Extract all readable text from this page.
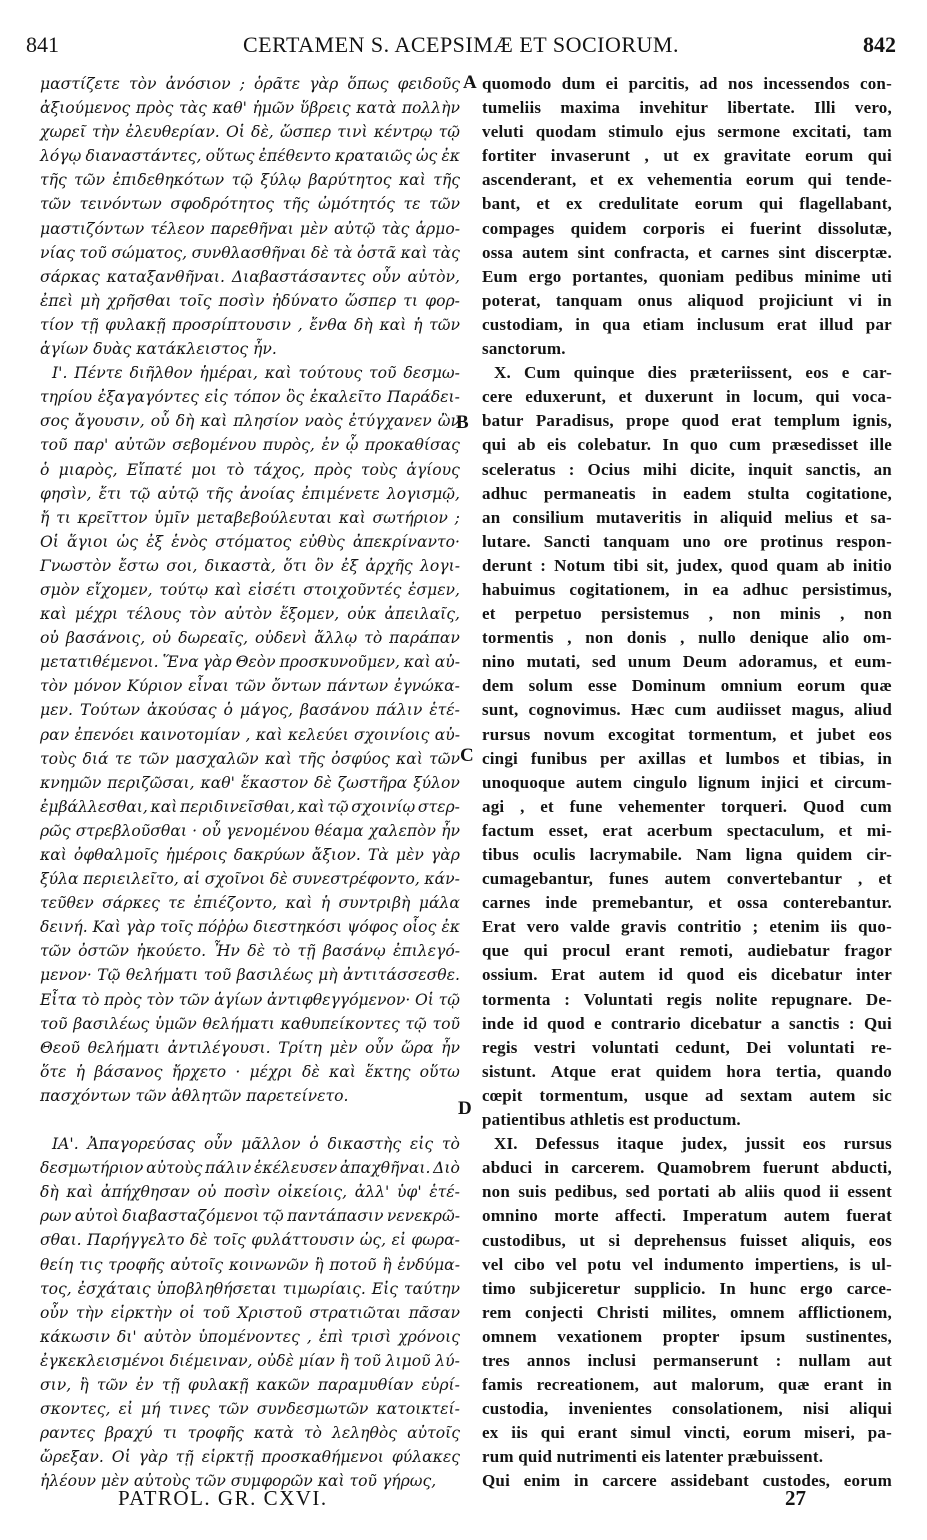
CERTAMEN S. ACEPSIMÆ ET SOCIORUM.
841	842
μαστίζετε τὸν ἀνόσιον ; ὁρᾶτε γὰρ ὅπως φειδοῦς
ἀξιούμενος πρὸς τὰς καθ' ἡμῶν ὕβρεις κατὰ πολλὴν
χωρεῖ τὴν ἐλευθερίαν. Οἱ δὲ, ὥσπερ τινὶ κέντρῳ τῷ
λόγῳ διαναστάντες, οὕτως ἐπέθεντο κραταιῶς ὡς ἐκ
τῆς τῶν ἐπιδεθηκότων τῷ ξύλῳ βαρύτητος καὶ τῆς
τῶν τεινόντων σφοδρότητος τῆς ὠμότητός τε τῶν
μαστιζόντων τέλεον παρεθῆναι μὲν αὐτῷ τὰς ἁρμο-
νίας τοῦ σώματος, συνθλασθῆναι δὲ τὰ ὀστᾶ καὶ τὰς
σάρκας καταξανθῆναι. Διαβαστάσαντες οὖν αὐτὸν,
ἐπεὶ μὴ χρῆσθαι τοῖς ποσὶν ἠδύνατο ὥσπερ τι φορ-
τίον τῇ φυλακῇ προσρίπτουσιν , ἔνθα δὴ καὶ ἡ τῶν
ἁγίων δυὰς κατάκλειστος ἦν.
Ι'. Πέντε διῆλθον ἡμέραι, καὶ τούτους τοῦ δεσμω-
τηρίου ἐξαγαγόντες εἰς τόπον ὃς ἐκαλεῖτο Παράδει-
σος ἄγουσιν, οὗ δὴ καὶ πλησίον ναὸς ἐτύγχανεν ὢν
τοῦ παρ' αὐτῶν σεβομένου πυρὸς, ἐν ᾧ προκαθίσας
ὁ μιαρὸς, Εἴπατέ μοι τὸ τάχος, πρὸς τοὺς ἁγίους
φησὶν, ἔτι τῷ αὐτῷ τῆς ἀνοίας ἐπιμένετε λογισμῷ,
ἤ τι κρεῖττον ὑμῖν μεταβεβούλευται καὶ σωτήριον ;
Οἱ ἅγιοι ὡς ἐξ ἑνὸς στόματος εὐθὺς ἀπεκρίναντο·
Γνωστὸν ἔστω σοι, δικαστὰ, ὅτι ὃν ἐξ ἀρχῆς λογι-
σμὸν εἴχομεν, τούτῳ καὶ εἰσέτι στοιχοῦντές ἐσμεν,
καὶ μέχρι τέλους τὸν αὐτὸν ἕξομεν, οὐκ ἀπειλαῖς,
οὐ βασάνοις, οὐ δωρεαῖς, οὐδενὶ ἄλλῳ τὸ παράπαν
μετατιθέμενοι. Ἕνα γὰρ Θεὸν προσκυνοῦμεν, καὶ αὐ-
τὸν μόνον Κύριον εἶναι τῶν ὄντων πάντων ἐγνώκα-
μεν. Τούτων ἀκούσας ὁ μάγος, βασάνου πάλιν ἑτέ-
ραν ἐπενόει καινοτομίαν , καὶ κελεύει σχοινίοις αὐ-
τοὺς διά τε τῶν μασχαλῶν καὶ τῆς ὀσφύος καὶ τῶν
κνημῶν περιζῶσαι, καθ' ἕκαστον δὲ ζωστῆρα ξύλον
ἐμβάλλεσθαι, καὶ περιδινεῖσθαι, καὶ τῷ σχοινίῳ στερ-
ρῶς στρεβλοῦσθαι · οὗ γενομένου θέαμα χαλεπὸν ἦν
καὶ ὀφθαλμοῖς ἡμέροις δακρύων ἄξιον. Τὰ μὲν γὰρ
ξύλα περιειλεῖτο, αἱ σχοῖνοι δὲ συνεστρέφοντο, κάν-
τεῦθεν σάρκες τε ἐπιέζοντο, καὶ ἡ συντριβὴ μάλα
δεινή. Καὶ γὰρ τοῖς πόῤῥω διεστηκόσι ψόφος οἷος ἐκ
τῶν ὀστῶν ἠκούετο. Ἦν δὲ τὸ τῇ βασάνῳ ἐπιλεγό-
μενον· Τῷ θελήματι τοῦ βασιλέως μὴ ἀντιτάσσεσθε.
Εἶτα τὸ πρὸς τὸν τῶν ἁγίων ἀντιφθεγγόμενον· Οἱ τῷ
τοῦ βασιλέως ὑμῶν θελήματι καθυπείκοντες τῷ τοῦ
Θεοῦ θελήματι ἀντιλέγουσι. Τρίτη μὲν οὖν ὥρα ἦν
ὅτε ἡ βάσανος ἤρχετο · μέχρι δὲ καὶ ἕκτης οὕτω
πασχόντων τῶν ἀθλητῶν παρετείνετο.
ΙΑ'. Ἀπαγορεύσας οὖν μᾶλλον ὁ δικαστὴς εἰς τὸ
δεσμωτήριον αὐτοὺς πάλιν ἐκέλευσεν ἀπαχθῆναι. Διὸ
δὴ καὶ ἀπήχθησαν οὐ ποσὶν οἰκείοις, ἀλλ' ὑφ' ἑτέ-
ρων αὐτοὶ διαβασταζόμενοι τῷ παντάπασιν νενεκρῶ-
σθαι. Παρήγγελτο δὲ τοῖς φυλάττουσιν ὡς, εἰ φωρα-
θείη τις τροφῆς αὐτοῖς κοινωνῶν ἢ ποτοῦ ἢ ἐνδύμα-
τος, ἐσχάταις ὑποβληθήσεται τιμωρίαις. Εἰς ταύτην
οὖν τὴν εἱρκτὴν οἱ τοῦ Χριστοῦ στρατιῶται πᾶσαν
κάκωσιν δι' αὐτὸν ὑπομένοντες , ἐπὶ τρισὶ χρόνοις
ἐγκεκλεισμένοι διέμειναν, οὐδὲ μίαν ἢ τοῦ λιμοῦ λύ-
σιν, ἢ τῶν ἐν τῇ φυλακῇ κακῶν παραμυθίαν εὑρί-
σκοντες, εἰ μή τινες τῶν συνδεσμωτῶν κατοικτεί-
ραντες βραχύ τι τροφῆς κατὰ τὸ λεληθὸς αὐτοῖς
ὤρεξαν. Οἱ γὰρ τῇ εἱρκτῇ προσκαθήμενοι φύλακες
ἠλέουν μὲν αὐτοὺς τῶν συμφορῶν καὶ τοῦ γήρως,
quomodo dum ei parcitis, ad nos incessendos con-
tumeliis maxima invehitur libertate. Illi vero,
veluti quodam stimulo ejus sermone excitati, tam
fortiter invaserunt , ut ex gravitate eorum qui
ascenderant, et ex vehementia eorum qui tende-
bant, et ex credulitate eorum qui flagellabant,
compages quidem corporis ei fuerint dissolutæ,
ossa autem sint confracta, et carnes sint discerptæ.
Eum ergo portantes, quoniam pedibus minime uti
poterat, tanquam onus aliquod projiciunt vi in
custodiam, in qua etiam inclusum erat illud par
sanctorum.
X. Cum quinque dies præteriissent, eos e car-
cere eduxerunt, et duxerunt in locum, qui voca-
batur Paradisus, prope quod erat templum ignis,
qui ab eis colebatur. In quo cum præsedisset ille
sceleratus : Ocius mihi dicite, inquit sanctis, an
adhuc permaneatis in eadem stulta cogitatione,
an consilium mutaveritis in aliquid melius et sa-
lutare. Sancti tanquam uno ore protinus respon-
derunt : Notum tibi sit, judex, quod quam ab initio
habuimus cogitationem, in ea adhuc persistimus,
et perpetuo persistemus , non minis , non
tormentis , non donis , nullo denique alio om-
nino mutati, sed unum Deum adoramus, et eum-
dem solum esse Dominum omnium eorum quæ
sunt, cognovimus. Hæc cum audiisset magus, aliud
rursus novum excogitat tormentum, et jubet eos
cingi funibus per axillas et lumbos et tibias, in
unoquoque autem cingulo lignum injici et circum-
agi , et fune vehementer torqueri. Quod cum
factum esset, erat acerbum spectaculum, et mi-
tibus oculis lacrymabile. Nam ligna quidem cir-
cumagebantur, funes autem convertebantur , et
carnes inde premebantur, et ossa conterebantur.
Erat vero valde gravis contritio ; etenim iis quo-
que qui procul erant remoti, audiebatur fragor
ossium. Erat autem id quod eis dicebatur inter
tormenta : Voluntati regis nolite repugnare. De-
inde id quod e contrario dicebatur a sanctis : Qui
regis vestri voluntati cedunt, Dei voluntati re-
sistunt. Atque erat quidem hora tertia, quando
cœpit tormentum, usque ad sextam autem sic
patientibus athletis est productum.
XI. Defessus itaque judex, jussit eos rursus
abduci in carcerem. Quamobrem fuerunt abducti,
non suis pedibus, sed portati ab aliis quod ii essent
omnino morte affecti. Imperatum autem fuerat
custodibus, ut si deprehensus fuisset aliquis, eos
vel cibo vel potu vel indumento impertiens, is ul-
timo subjiceretur supplicio. In hunc ergo carce-
rem conjecti Christi milites, omnem afflictionem,
omnem vexationem propter ipsum sustinentes,
tres annos inclusi permanserunt : nullam aut
famis recreationem, aut malorum, quæ erant in
custodia, invenientes consolationem, nisi aliqui
ex iis qui erant simul vincti, eorum miseri, pa-
rum quid nutrimenti eis latenter præbuissent.
Qui enim in carcere assidebant custodes, eorum
A
B
C
D
PATROL. GR. CXVI.	27
